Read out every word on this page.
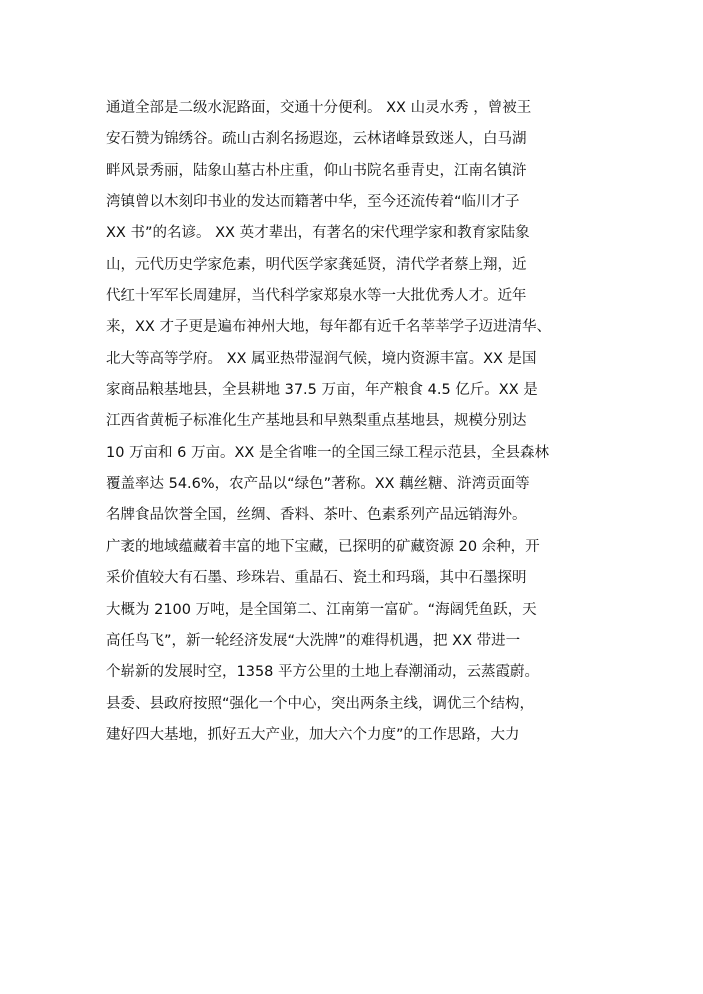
通道全部是二级水泥路面，交通十分便利。 XX 山灵水秀 ，曾被王
安石赞为锦绣谷。疏山古刹名扬遐迩，云林诸峰景致迷人，白马湖
畔风景秀丽，陆象山墓古朴庄重，仰山书院名垂青史，江南名镇浒
湾镇曾以木刻印书业的发达而籍著中华，至今还流传着“临川才子
XX 书”的名谚。 XX 英才辈出，有著名的宋代理学家和教育家陆象
山，元代历史学家危素，明代医学家龚延贤，清代学者蔡上翔，近
代红十军军长周建屏，当代科学家郑泉水等一大批优秀人才。近年
来，XX 才子更是遍布神州大地，每年都有近千名莘莘学子迈进清华、
北大等高等学府。 XX 属亚热带湿润气候，境内资源丰富。XX 是国
家商品粮基地县，全县耕地 37.5 万亩，年产粮食 4.5 亿斤。XX 是
江西省黄栀子标准化生产基地县和早熟梨重点基地县，规模分别达
10 万亩和 6 万亩。XX 是全省唯一的全国三绿工程示范县，全县森林
覆盖率达 54.6%，农产品以“绿色”著称。XX 藕丝糖、浒湾贡面等
名牌食品饮誉全国，丝绸、香料、茶叶、色素系列产品远销海外。
广袤的地域蕴藏着丰富的地下宝藏，已探明的矿藏资源 20 余种，开
采价值较大有石墨、珍珠岩、重晶石、瓷土和玛瑙，其中石墨探明
大概为 2100 万吨，是全国第二、江南第一富矿。“海阔凭鱼跃，天
高任鸟飞”，新一轮经济发展“大洗牌”的难得机遇，把 XX 带进一
个崭新的发展时空，1358 平方公里的土地上春潮涌动，云蒸霞蔚。
县委、县政府按照“强化一个中心，突出两条主线，调优三个结构，
建好四大基地，抓好五大产业，加大六个力度”的工作思路，大力
